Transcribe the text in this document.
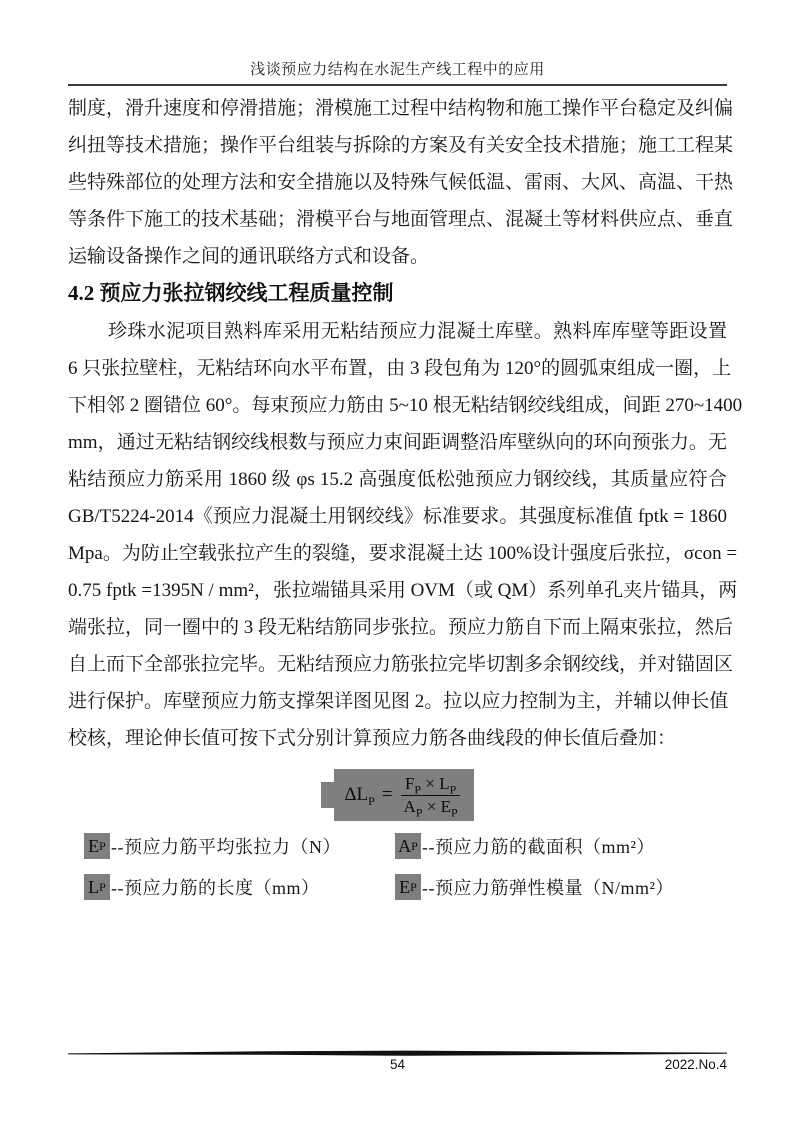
浅谈预应力结构在水泥生产线工程中的应用
制度，滑升速度和停滑措施；滑模施工过程中结构物和施工操作平台稳定及纠偏
纠扭等技术措施；操作平台组装与拆除的方案及有关安全技术措施；施工工程某
些特殊部位的处理方法和安全措施以及特殊气候低温、雷雨、大风、高温、干热
等条件下施工的技术基础；滑模平台与地面管理点、混凝土等材料供应点、垂直
运输设备操作之间的通讯联络方式和设备。
4.2 预应力张拉钢绞线工程质量控制
珍珠水泥项目熟料库采用无粘结预应力混凝土库壁。熟料库库壁等距设置
6 只张拉壁柱，无粘结环向水平布置，由 3 段包角为 120°的圆弧束组成一圈，上
下相邻 2 圈错位 60°。每束预应力筋由 5~10 根无粘结钢绞线组成，间距 270~1400
mm，通过无粘结钢绞线根数与预应力束间距调整沿库壁纵向的环向预张力。无
粘结预应力筋采用 1860 级 φs 15.2 高强度低松弛预应力钢绞线，其质量应符合
GB/T5224-2014《预应力混凝土用钢绞线》标准要求。其强度标准值 fptk = 1860
Mpa。为防止空载张拉产生的裂缝，要求混凝土达 100%设计强度后张拉，σcon =
0.75 fptk =1395N / mm²，张拉端锚具采用 OVM（或 QM）系列单孔夹片锚具，两
端张拉，同一圈中的 3 段无粘结筋同步张拉。预应力筋自下而上隔束张拉，然后
自上而下全部张拉完毕。无粘结预应力筋张拉完毕切割多余钢绞线，并对锚固区
进行保护。库壁预应力筋支撑架详图见图 2。拉以应力控制为主，并辅以伸长值
校核，理论伸长值可按下式分别计算预应力筋各曲线段的伸长值后叠加：
$\Delta L_P = \frac{F_P \times L_P}{A_P \times E_P}$
E P --预应力筋平均张拉力（N）	A P --预应力筋的截面积（mm²）
L P --预应力筋的长度（mm）	E P --预应力筋弹性模量（N/mm²）
54	2022.No.4
